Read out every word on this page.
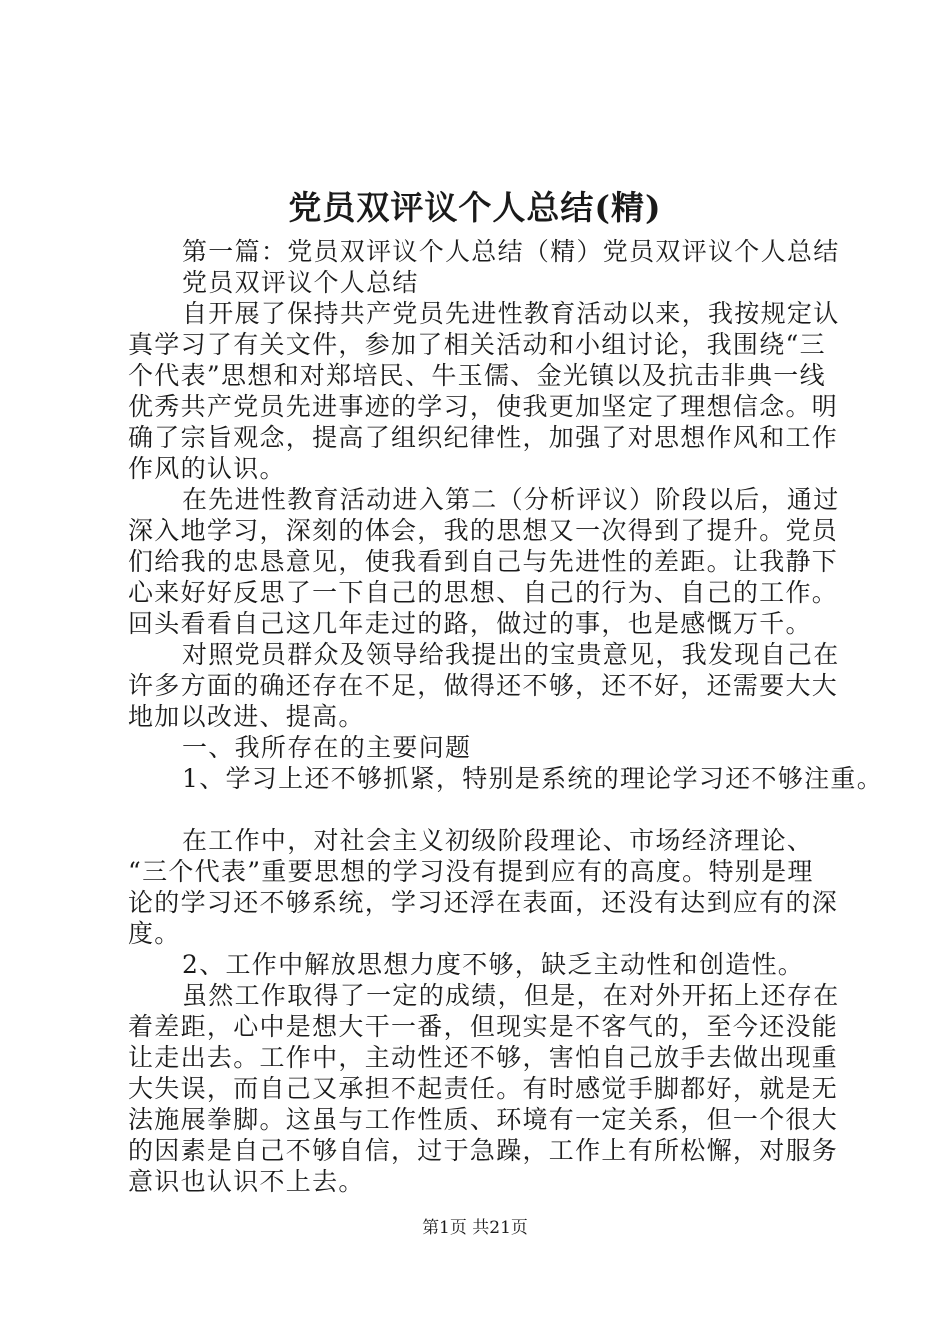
党员双评议个人总结(精)
第一篇：党员双评议个人总结（精）党员双评议个人总结
党员双评议个人总结
自开展了保持共产党员先进性教育活动以来，我按规定认
真学习了有关文件，参加了相关活动和小组讨论，我围绕“三
个代表”思想和对郑培民、牛玉儒、金光镇以及抗击非典一线
优秀共产党员先进事迹的学习，使我更加坚定了理想信念。明
确了宗旨观念，提高了组织纪律性，加强了对思想作风和工作
作风的认识。
在先进性教育活动进入第二（分析评议）阶段以后，通过
深入地学习，深刻的体会，我的思想又一次得到了提升。党员
们给我的忠恳意见，使我看到自己与先进性的差距。让我静下
心来好好反思了一下自己的思想、自己的行为、自己的工作。
回头看看自己这几年走过的路，做过的事，也是感慨万千。
对照党员群众及领导给我提出的宝贵意见，我发现自己在
许多方面的确还存在不足，做得还不够，还不好，还需要大大
地加以改进、提高。
一、我所存在的主要问题
1、学习上还不够抓紧，特别是系统的理论学习还不够注重。
在工作中，对社会主义初级阶段理论、市场经济理论、
“三个代表”重要思想的学习没有提到应有的高度。特别是理
论的学习还不够系统，学习还浮在表面，还没有达到应有的深
度。
2、工作中解放思想力度不够，缺乏主动性和创造性。
虽然工作取得了一定的成绩，但是，在对外开拓上还存在
着差距，心中是想大干一番，但现实是不客气的，至今还没能
让走出去。工作中，主动性还不够，害怕自己放手去做出现重
大失误，而自己又承担不起责任。有时感觉手脚都好，就是无
法施展拳脚。这虽与工作性质、环境有一定关系，但一个很大
的因素是自己不够自信，过于急躁，工作上有所松懈，对服务
意识也认识不上去。
第1页 共21页
